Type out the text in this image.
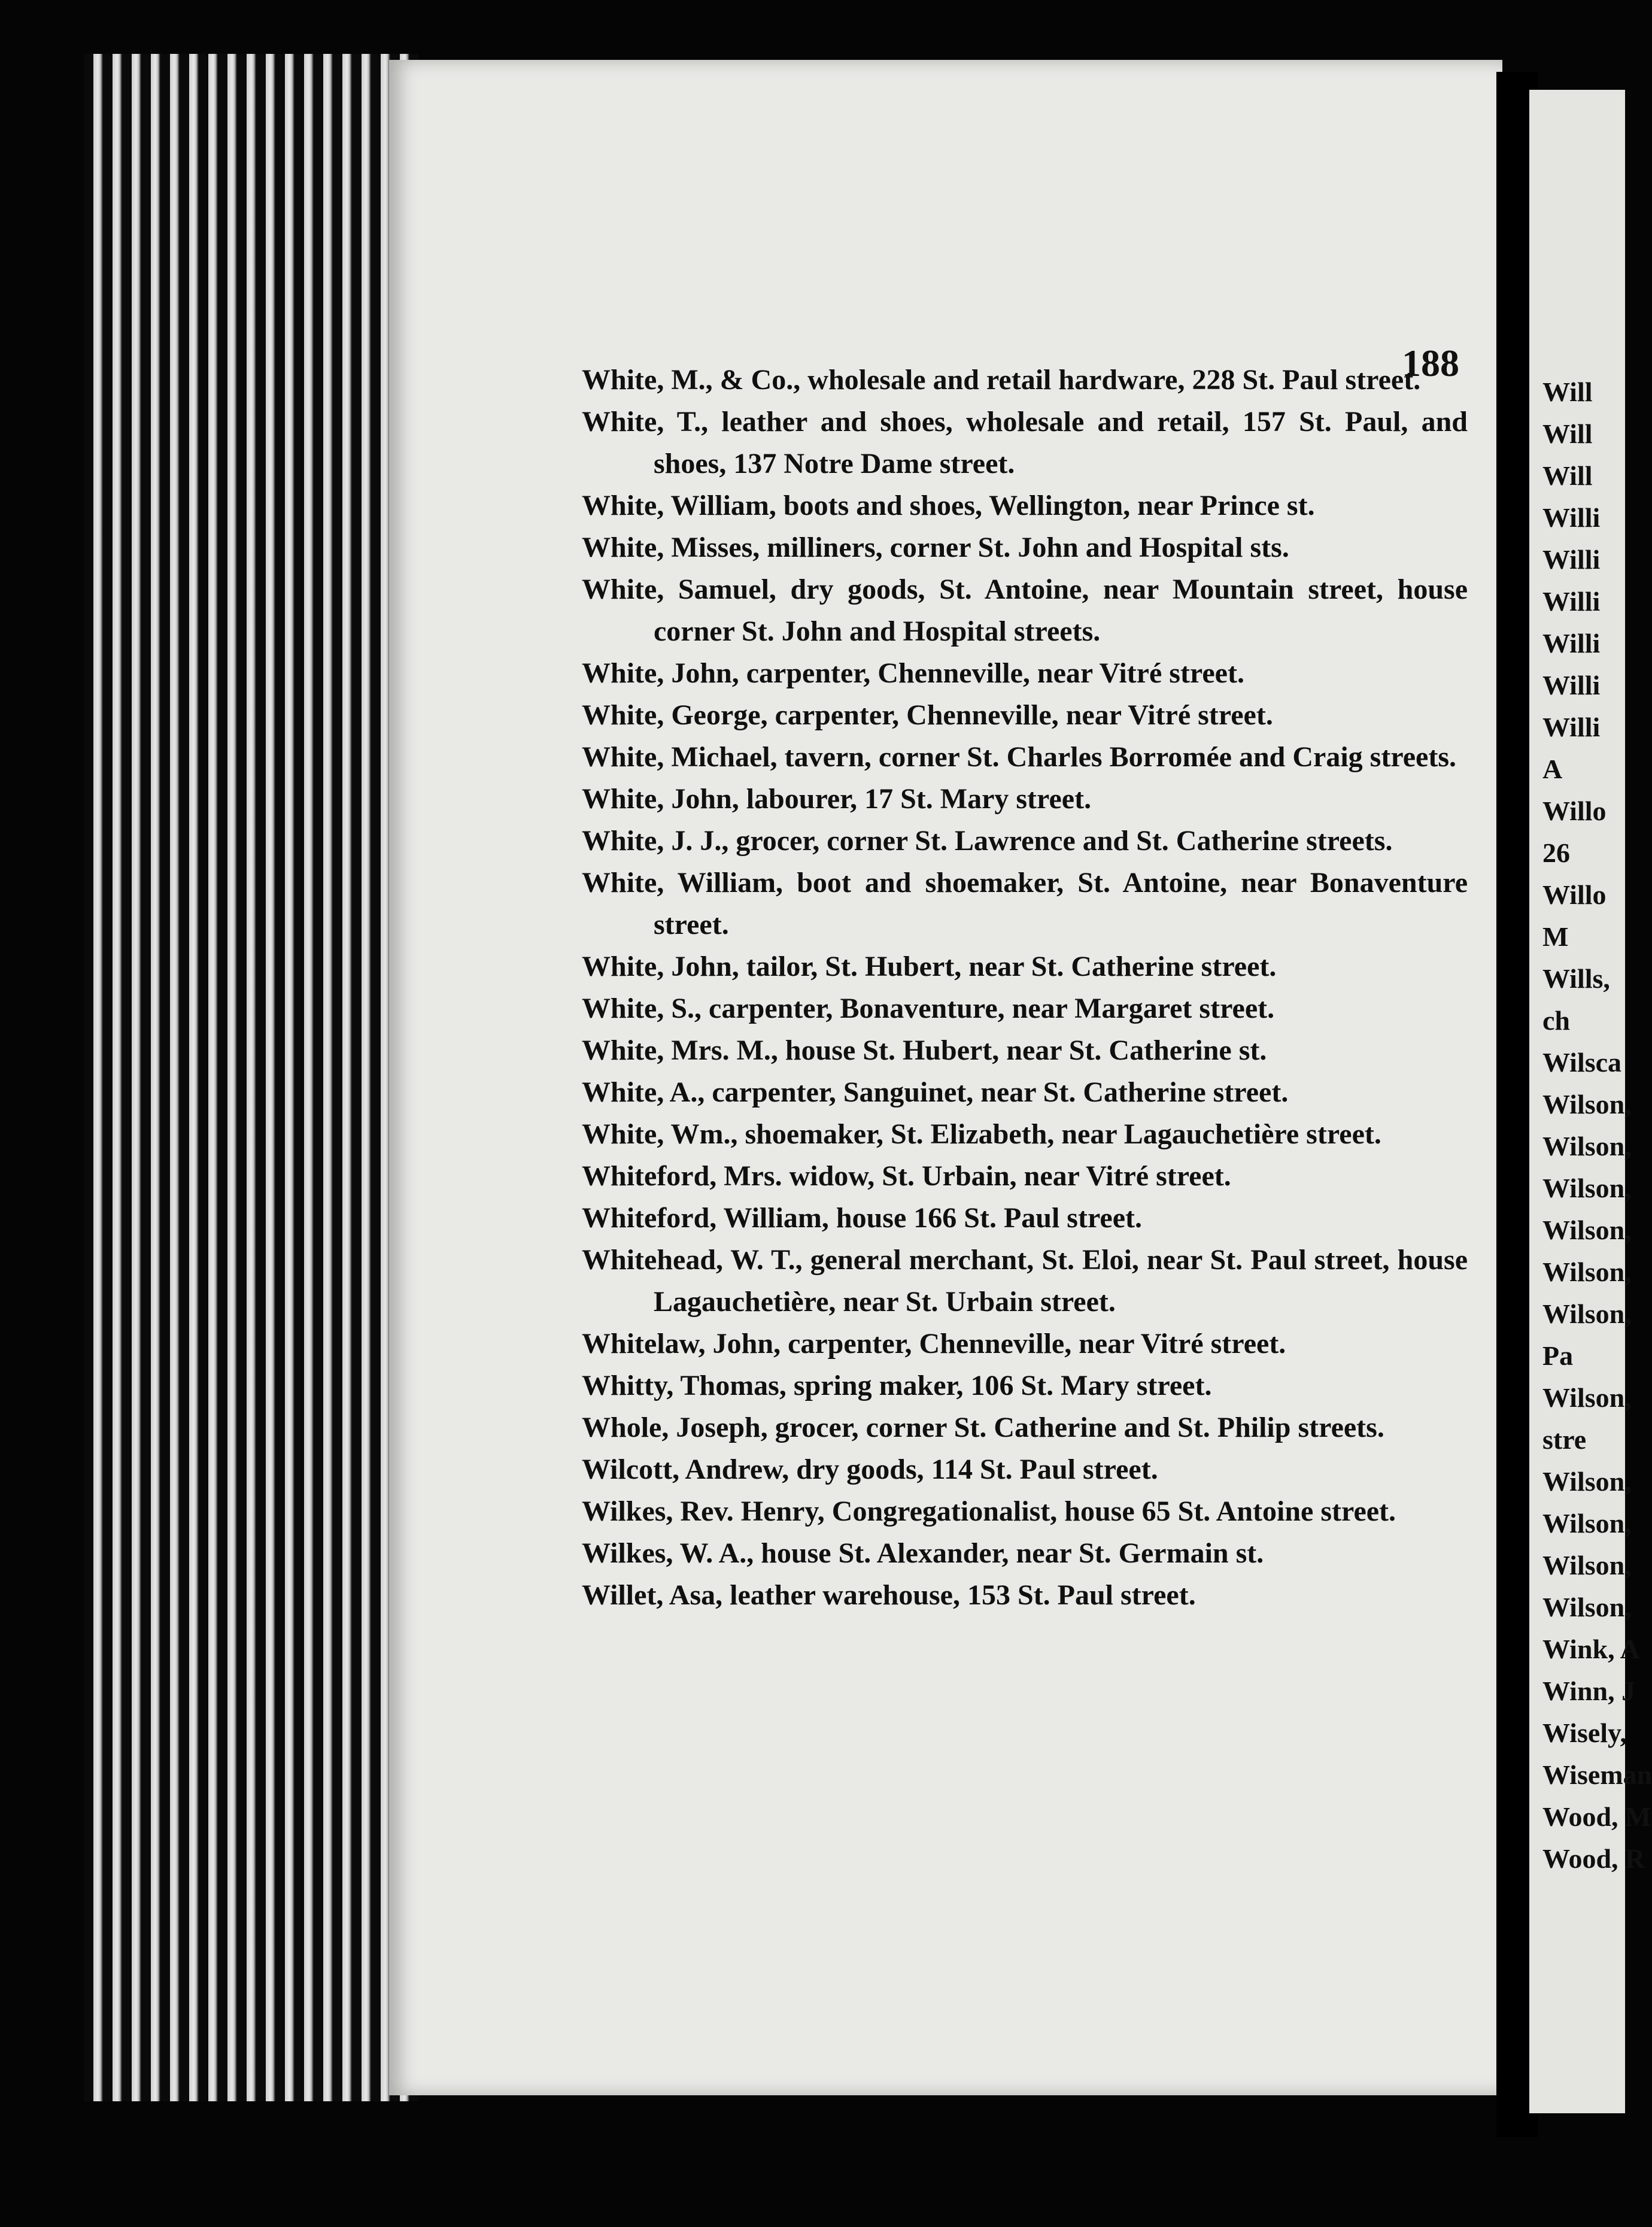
188
White, M., & Co., wholesale and retail hardware, 228 St. Paul street.
White, T., leather and shoes, wholesale and retail, 157 St. Paul, and shoes, 137 Notre Dame street.
White, William, boots and shoes, Wellington, near Prince st.
White, Misses, milliners, corner St. John and Hospital sts.
White, Samuel, dry goods, St. Antoine, near Mountain street, house corner St. John and Hospital streets.
White, John, carpenter, Chenneville, near Vitré street.
White, George, carpenter, Chenneville, near Vitré street.
White, Michael, tavern, corner St. Charles Borromée and Craig streets.
White, John, labourer, 17 St. Mary street.
White, J. J., grocer, corner St. Lawrence and St. Catherine streets.
White, William, boot and shoemaker, St. Antoine, near Bonaventure street.
White, John, tailor, St. Hubert, near St. Catherine street.
White, S., carpenter, Bonaventure, near Margaret street.
White, Mrs. M., house St. Hubert, near St. Catherine st.
White, A., carpenter, Sanguinet, near St. Catherine street.
White, Wm., shoemaker, St. Elizabeth, near Lagauchetière street.
Whiteford, Mrs. widow, St. Urbain, near Vitré street.
Whiteford, William, house 166 St. Paul street.
Whitehead, W. T., general merchant, St. Eloi, near St. Paul street, house Lagauchetière, near St. Urbain street.
Whitelaw, John, carpenter, Chenneville, near Vitré street.
Whitty, Thomas, spring maker, 106 St. Mary street.
Whole, Joseph, grocer, corner St. Catherine and St. Philip streets.
Wilcott, Andrew, dry goods, 114 St. Paul street.
Wilkes, Rev. Henry, Congregationalist, house 65 St. Antoine street.
Wilkes, W. A., house St. Alexander, near St. Germain st.
Willet, Asa, leather warehouse, 153 St. Paul street.
Will
Will
Will
Willi
Willi
Willi
Willi
Willi
Willi
A
Willo
26
Willo
M
Wills,
ch
Wilsca
Wilson,
Wilson,
Wilson,
Wilson,
Wilson,
Wilson,
Pa
Wilson,
stre
Wilson,
Wilson,
Wilson,
Wilson,
Wink, A
Winn, J
Wisely,
Wiseman
Wood, M
Wood, R
